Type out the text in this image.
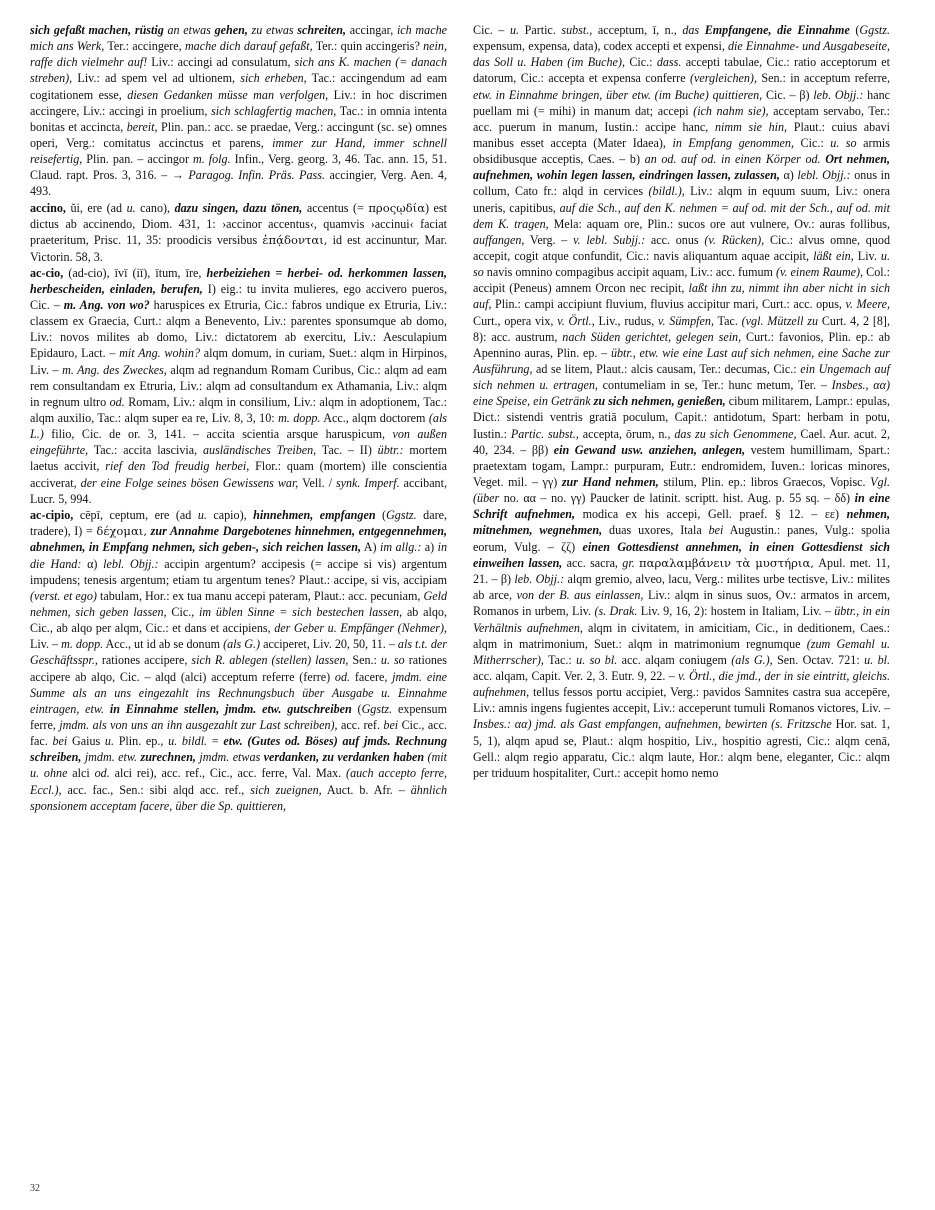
sich gefaßt machen, rüstig an etwas gehen, zu etwas schreiten, accingar, ich mache mich ans Werk, Ter.: accingere, mache dich darauf gefaßt, Ter.: quin accingeris? nein, raffe dich vielmehr auf! Liv.: accingi ad consulatum, sich ans K. machen (= danach streben), Liv.: ad spem vel ad ultionem, sich erheben, Tac.: accingendum ad eam cogitationem esse, diesen Gedanken müsse man verfolgen, Liv.: in hoc discrimen accingere, Liv.: accingi in proelium, sich schlagfertig machen, Tac.: in omnia intenta bonitas et accincta, bereit, Plin. pan.: acc. se praedae, Verg.: accingunt (sc. se) omnes operi, Verg.: comitatus accinctus et parens, immer zur Hand, immer schnell reisefertig, Plin. pan. – accingor m. folg. Infin., Verg. georg. 3, 46. Tac. ann. 15, 51. Claud. rapt. Pros. 3, 316. – → Paragog. Infin. Präs. Pass. accingier, Verg. Aen. 4, 493.

accino, ŭi, ere (ad u. cano), dazu singen, dazu tönen, accentus (= προςῳδία) est dictus ab accinendo, Diom. 431, 1: ›accinor accentus‹, quamvis ›accinui‹ faciat praeteritum, Prisc. 11, 35: proodicis versibus ἐπᾴδονται, id est accinuntur, Mar. Victorin. 58, 3.

ac-cio, (ad-cio), īvī (iī), ītum, īre, herbeiziehen = herbei- od. herkommen lassen, herbescheiden, einladen, berufen, I) eig.: tu invita mulieres, ego accivero pueros, Cic. – m. Ang. von wo? haruspices ex Etruria, Cic.: fabros undique ex Etruria, Liv.: classem ex Graecia, Curt.: alqm a Benevento, Liv.: parentes sponsumque ab domo, Liv.: novos milites ab domo, Liv.: dictatorem ab exercitu, Liv.: Aesculapium Epidauro, Lact. – mit Ang. wohin? alqm domum, in curiam, Suet.: alqm in Hirpinos, Liv. – m. Ang. des Zweckes, alqm ad regnandum Romam Curibus, Cic.: alqm ad eam rem consultandam ex Etruria, Liv.: alqm ad consultandum ex Athamania, Liv.: alqm in regnum ultro od. Romam, Liv.: alqm in consilium, Liv.: alqm in adoptionem, Tac.: alqm auxilio, Tac.: alqm super ea re, Liv. 8, 3, 10: m. dopp. Acc., alqm doctorem (als L.) filio, Cic. de or. 3, 141. – accita scientia arsque haruspicum, von außen eingeführte, Tac.: accita lascivia, ausländisches Treiben, Tac. – II) übtr.: mortem laetus accivit, rief den Tod freudig herbei, Flor.: quam (mortem) ille conscientia acciverat, der eine Folge seines bösen Gewissens war, Vell. / synk. Imperf. accibant, Lucr. 5, 994.

ac-cipio, cēpī, ceptum, ere (ad u. capio), hinnehmen, empfangen (Ggstz. dare, tradere), I) = δέχομαι, zur Annahme Dargebotenes hinnehmen, entgegennehmen, abnehmen, in Empfang nehmen, sich geben-, sich reichen lassen, A) im allg.: a) in die Hand: α) lebl. Objj.: accipin argentum? accipesis (= accipe si vis) argentum impudens; tenesis argentum; etiam tu argentum tenes? Plaut.: accipe, si vis, accipiam (verst. et ego) tabulam, Hor.: ex tua manu accepi pateram, Plaut.: acc. pecuniam, Geld nehmen, sich geben lassen, Cic., im üblen Sinne = sich bestechen lassen, ab alqo, Cic., ab alqo per alqm, Cic.: et dans et accipiens, der Geber u. Empfänger (Nehmer), Liv. – m. dopp. Acc., ut id ab se donum (als G.) acciperet, Liv. 20, 50, 11. – als t.t. der Geschäftsspr., rationes accipere, sich R. ablegen (stellen) lassen, Sen.: u. so rationes accipere ab alqo, Cic. – alqd (alci) acceptum referre (ferre) od. facere, jmdm. eine Summe als an uns eingezahlt ins Rechnungsbuch über Ausgabe u. Einnahme eintragen, etw. in Einnahme stellen, jmdm. etw. gutschreiben (Ggstz. expensum ferre, jmdm. als von uns an ihn ausgezahlt zur Last schreiben), acc. ref. bei Cic., acc. fac. bei Gaius u. Plin. ep., u. bildl. = etw. (Gutes od. Böses) auf jmds. Rechnung schreiben, jmdm. etw. zurechnen, jmdm. etwas verdanken, zu verdanken haben (mit u. ohne alci od. alci rei), acc. ref., Cic., acc. ferre, Val. Max. (auch accepto ferre, Eccl.), acc. fac., Sen.: sibi alqd acc. ref., sich zueignen, Auct. b. Afr. – ähnlich sponsionem acceptam facere, über die Sp. quittieren,

Cic. – u. Partic. subst., acceptum, ī, n., das Empfangene, die Einnahme (Ggstz. expensum, expensa, data), codex accepti et expensi, die Einnahme- und Ausgabeseite, das Soll u. Haben (im Buche), Cic.: dass. accepti tabulae, Cic.: ratio acceptorum et datorum, Cic.: accepta et expensa conferre (vergleichen), Sen.: in acceptum referre, etw. in Einnahme bringen, über etw. (im Buche) quittieren, Cic. – β) leb. Objj.: hanc puellam mi (= mihi) in manum dat; accepi (ich nahm sie), acceptam servabo, Ter.: acc. puerum in manum, Iustin.: accipe hanc, nimm sie hin, Plaut.: cuius abavi manibus esset accepta (Mater Idaea), in Empfang genommen, Cic.: u. so armis obsidibusque acceptis, Caes. – b) an od. auf od. in einen Körper od. Ort nehmen, aufnehmen, wohin legen lassen, eindringen lassen, zulassen, α) lebl. Objj.: onus in collum, Cato fr.: alqd in cervices (bildl.), Liv.: alqm in equum suum, Liv.: onera uneris, capitibus, auf die Sch., auf den K. nehmen = auf od. mit der Sch., auf od. mit dem K. tragen, Mela: aquam ore, Plin.: sucos ore aut vulnere, Ov.: auras follibus, auffangen, Verg. – v. lebl. Subjj.: acc. onus (v. Rücken), Cic.: alvus omne, quod accepit, cogit atque confundit, Cic.: navis aliquantum aquae accipit, läßt ein, Liv. u. so navis omnino compagibus accipit aquam, Liv.: acc. fumum (v. einem Raume), Col.: accipit (Peneus) amnem Orcon nec recipit, laßt ihn zu, nimmt ihn aber nicht in sich auf, Plin.: campi accipiunt fluvium, fluvius accipitur mari, Curt.: acc. opus, v. Meere, Curt., opera vix, v. Örtl., Liv., rudus, v. Sümpfen, Tac. (vgl. Mützell zu Curt. 4, 2 [8], 8): acc. austrum, nach Süden gerichtet, gelegen sein, Curt.: favonios, Plin. ep.: ab Apennino auras, Plin. ep. – übtr., etw. wie eine Last auf sich nehmen, eine Sache zur Ausführung, ad se litem, Plaut.: alcis causam, Ter.: decumas, Cic.: ein Ungemach auf sich nehmen u. ertragen, contumeliam in se, Ter.: hunc metum, Ter. – Insbes., αα) eine Speise, ein Getränk zu sich nehmen, genießen, cibum militarem, Lampr.: epulas, Dict.: sistendi ventris gratiā poculum, Capit.: antidotum, Spart: herbam in potu, Iustin.: Partic. subst., accepta, ōrum, n., das zu sich Genommene, Cael. Aur. acut. 2, 40, 234. – ββ) ein Gewand usw. anziehen, anlegen, vestem humillimam, Spart.: praetextam togam, Lampr.: purpuram, Eutr.: endromidem, Iuven.: loricas minores, Veget. mil. – γγ) zur Hand nehmen, stilum, Plin. ep.: libros Graecos, Vopisc. Vgl. (über no. αα – no. γγ) Paucker de latinit. scriptt. hist. Aug. p. 55 sq. – δδ) in eine Schrift aufnehmen, modica ex his accepi, Gell. praef. § 12. – εε) nehmen, mitnehmen, wegnehmen, duas uxores, Itala bei Augustin.: panes, Vulg.: spolia eorum, Vulg. – ζζ) einen Gottesdienst annehmen, in einen Gottesdienst sich einweihen lassen, acc. sacra, gr. παραλαμβάνειν τὰ μυστήρια, Apul. met. 11, 21. – β) leb. Objj.: alqm gremio, alveo, lacu, Verg.: milites urbe tectisve, Liv.: milites ab arce, von der B. aus einlassen, Liv.: alqm in sinus suos, Ov.: armatos in arcem, Romanos in urbem, Liv. (s. Drak. Liv. 9, 16, 2): hostem in Italiam, Liv. – übtr., in ein Verhältnis aufnehmen, alqm in civitatem, in amicitiam, Cic., in deditionem, Caes.: alqm in matrimonium, Suet.: alqm in matrimonium regnumque (zum Gemahl u. Mitherrscher), Tac.: u. so bl. acc. alqam coniugem (als G.), Sen. Octav. 721: u. bl. acc. alqam, Capit. Ver. 2, 3. Eutr. 9, 22. – v. Örtl., die jmd., der in sie eintritt, gleichs. aufnehmen, tellus fessos portu accipiet, Verg.: pavidos Samnites castra sua accepēre, Liv.: amnis ingens fugientes accepit, Liv.: acceperunt tumuli Romanos victores, Liv. – Insbes.: αα) jmd. als Gast empfangen, aufnehmen, bewirten (s. Fritzsche Hor. sat. 1, 5, 1), alqm apud se, Plaut.: alqm hospitio, Liv., hospitio agresti, Cic.: alqm cenā, Gell.: alqm regio apparatu, Cic.: alqm laute, Hor.: alqm bene, eleganter, Cic.: alqm per triduum hospitaliter, Curt.: accepit homo nemo

32
